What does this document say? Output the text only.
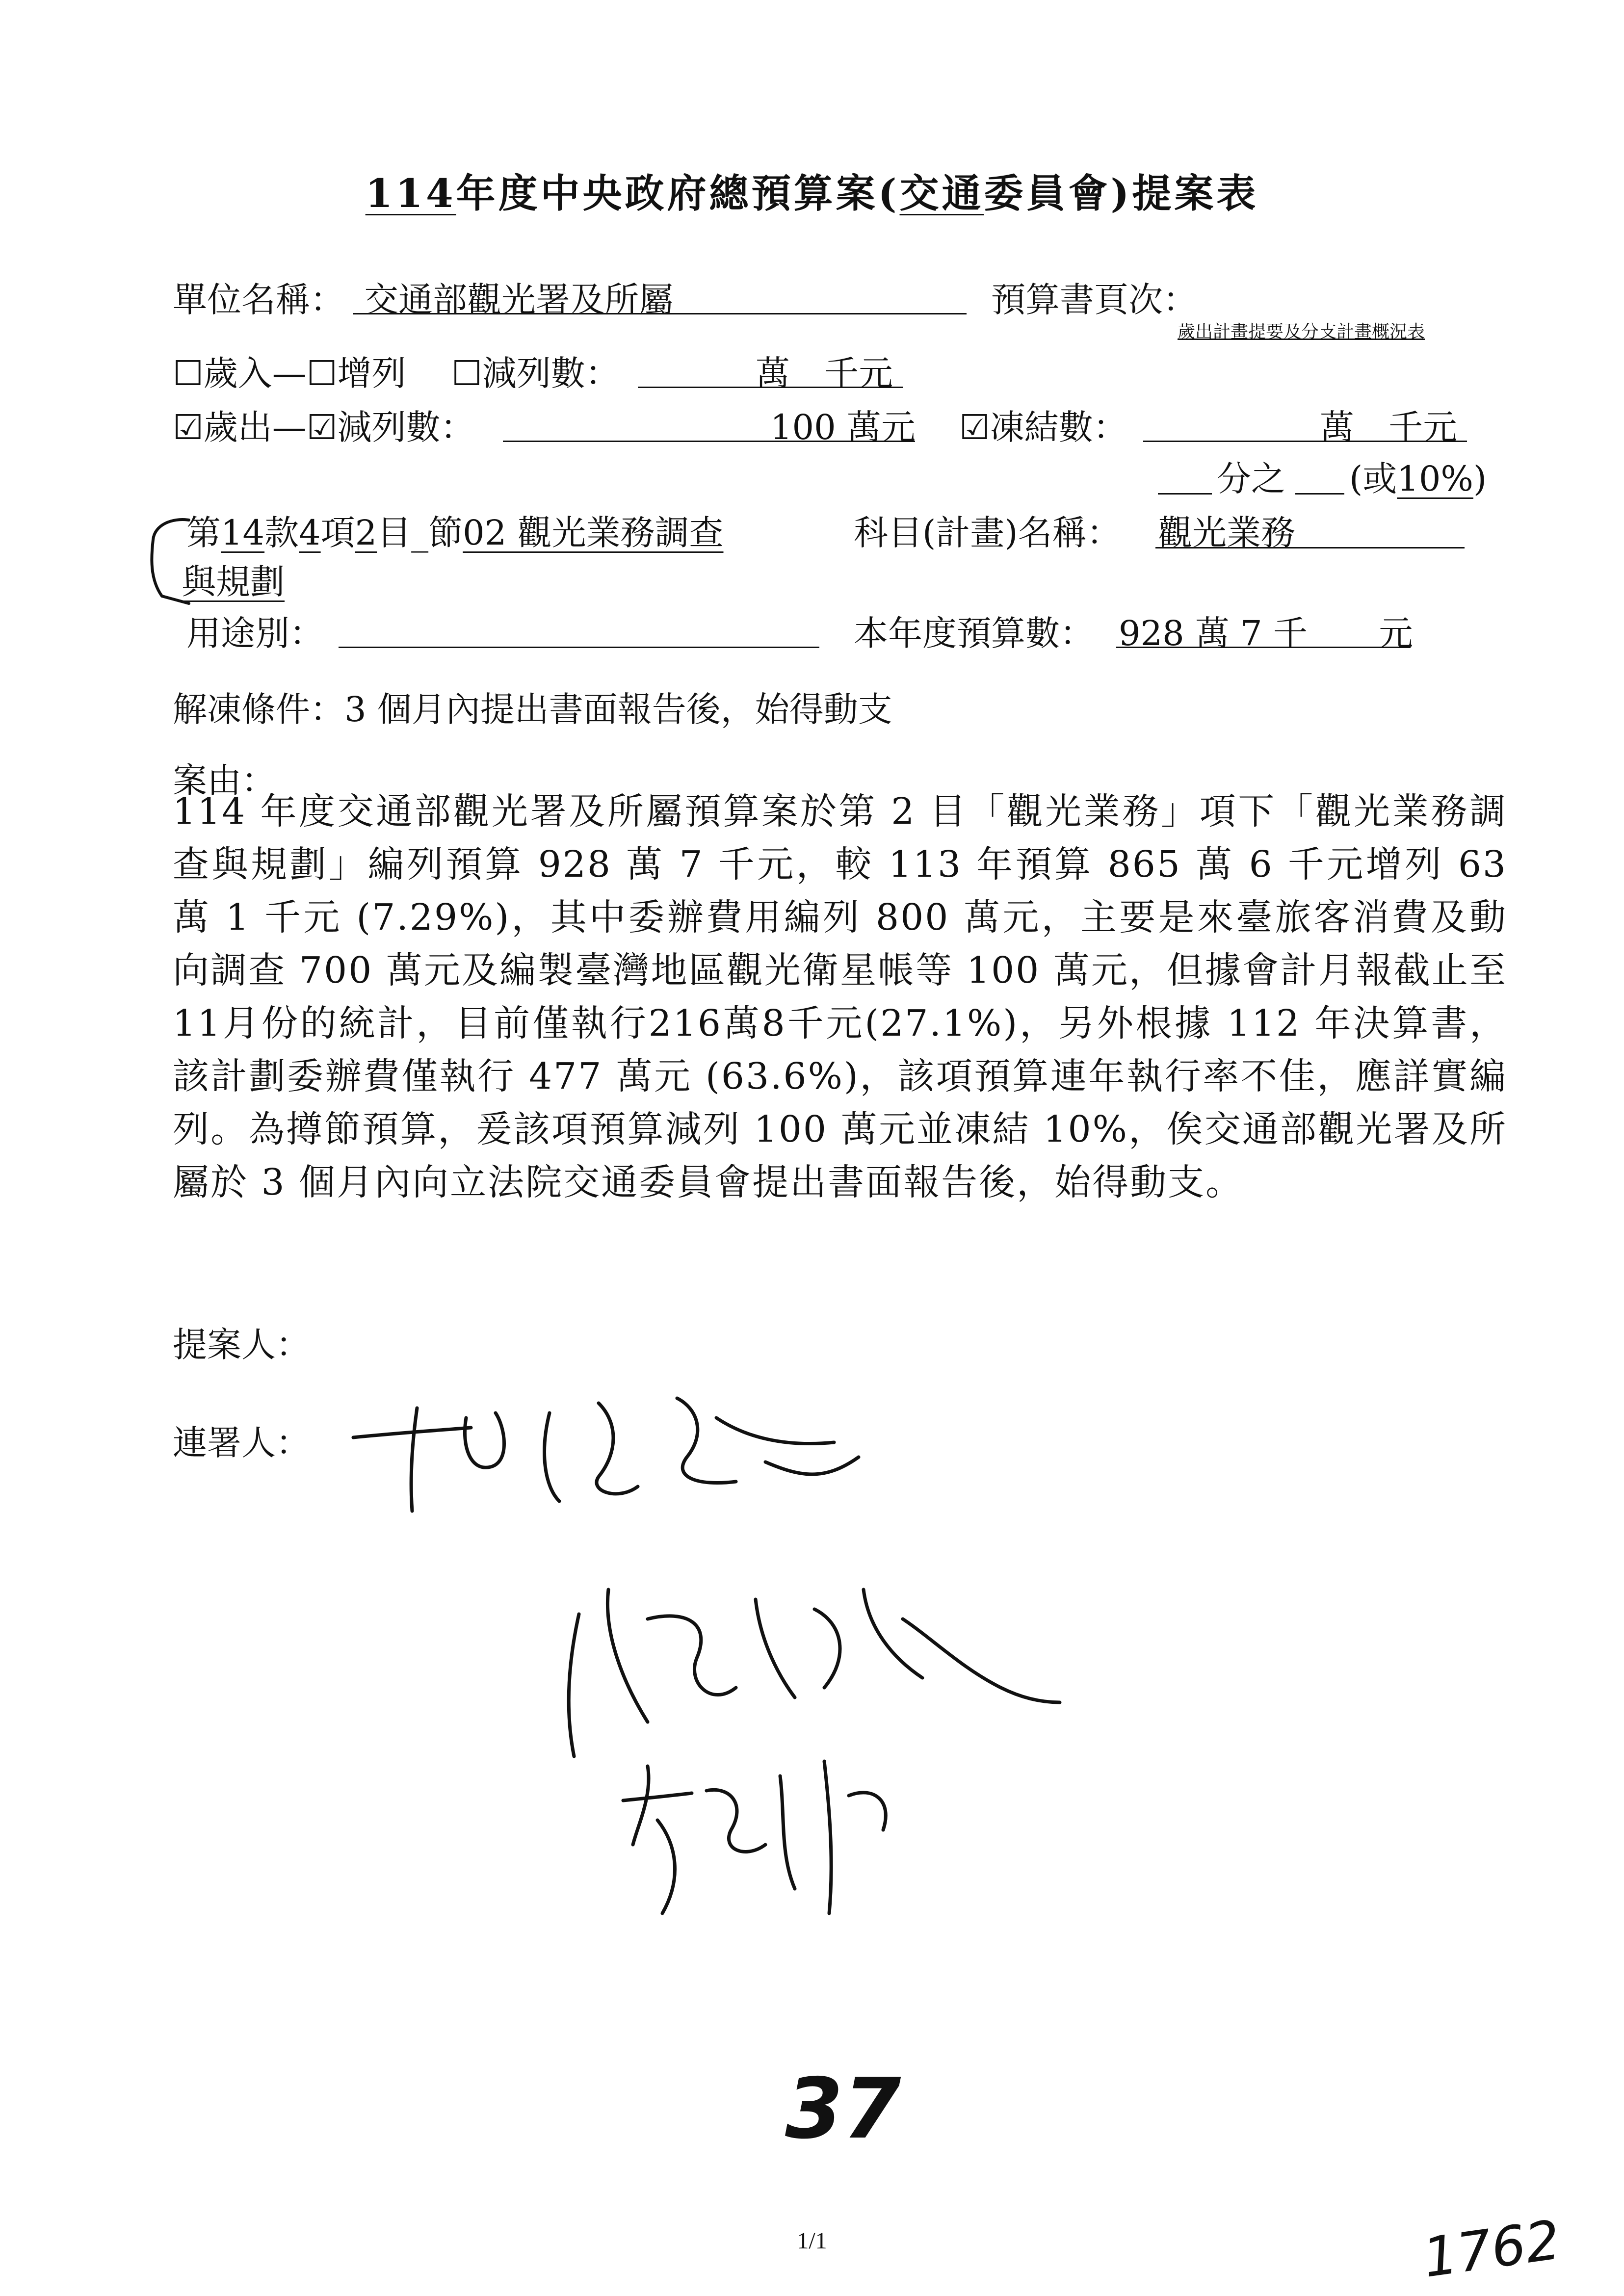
114年度中央政府總預算案(交通委員會)提案表
單位名稱： 交通部觀光署及所屬	預算書頁次：
歲出計畫提要及分支計畫概況表
☐歲入—☐增列 ☐減列數：	萬　千元
☑歲出—☑減列數：	100 萬元 ☑凍結數：	萬　千元
分之 (或10%)
第14款4項2目_節02 觀光業務調查	科目(計畫)名稱： 觀光業務
與規劃
用途別：	本年度預算數： 928 萬 7 千 元
解凍條件：3 個月內提出書面報告後，始得動支
案由：
114 年度交通部觀光署及所屬預算案於第 2 目「觀光業務」項下「觀光業務調查與規劃」編列預算 928 萬 7 千元，較 113 年預算 865 萬 6 千元增列 63 萬 1 千元 (7.29%)，其中委辦費用編列 800 萬元，主要是來臺旅客消費及動向調查 700 萬元及編製臺灣地區觀光衛星帳等 100 萬元，但據會計月報截止至11月份的統計，目前僅執行216萬8千元(27.1%)，另外根據 112 年決算書，該計劃委辦費僅執行 477 萬元 (63.6%)，該項預算連年執行率不佳，應詳實編列。為撙節預算，爰該項預算減列 100 萬元並凍結 10%，俟交通部觀光署及所屬於 3 個月內向立法院交通委員會提出書面報告後，始得動支。
提案人：
連署人：
37
1/1	1762
